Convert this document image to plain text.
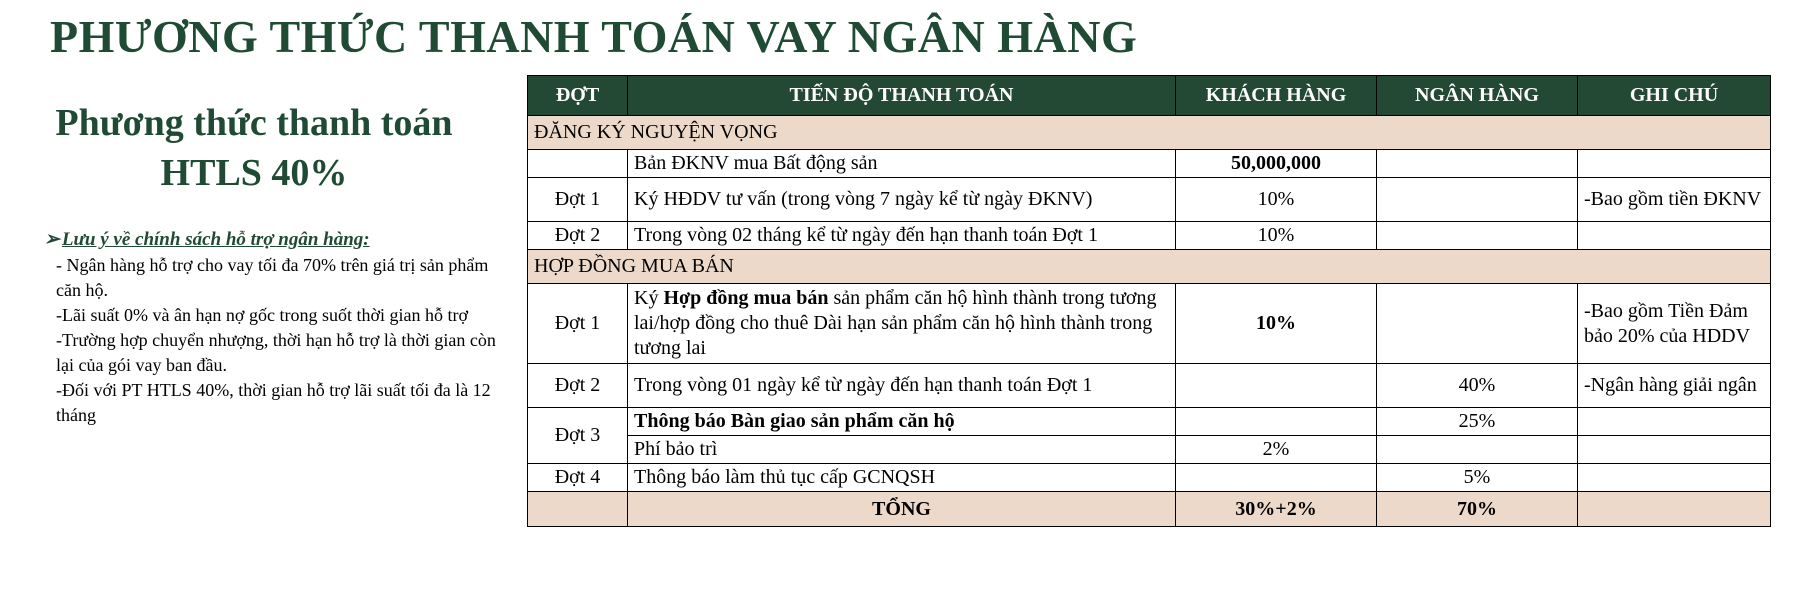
PHƯƠNG THỨC THANH TOÁN VAY NGÂN HÀNG
Phương thức thanh toán
HTLS 40%
➢ Lưu ý về chính sách hỗ trợ ngân hàng:
- Ngân hàng hỗ trợ cho vay tối đa 70% trên giá trị sản phẩm căn hộ.
-Lãi suất 0% và ân hạn nợ gốc trong suốt thời gian hỗ trợ
-Trường hợp chuyển nhượng, thời hạn hỗ trợ là thời gian còn lại của gói vay ban đầu.
-Đối với PT HTLS 40%, thời gian hỗ trợ lãi suất tối đa là 12 tháng
ĐỢT	TIẾN ĐỘ THANH TOÁN	KHÁCH HÀNG	NGÂN HÀNG	GHI CHÚ
ĐĂNG KÝ NGUYỆN VỌNG				
	Bản ĐKNV mua Bất động sản	50,000,000		
Đợt 1	Ký HĐDV tư vấn (trong vòng 7 ngày kể từ ngày ĐKNV)	10%		-Bao gồm tiền ĐKNV
Đợt 2	Trong vòng 02 tháng kể từ ngày đến hạn thanh toán Đợt 1	10%		
HỢP ĐỒNG MUA BÁN				
Đợt 1	Ký Hợp đồng mua bán sản phẩm căn hộ hình thành trong tương lai/hợp đồng cho thuê Dài hạn sản phẩm căn hộ hình thành trong tương lai	10%		-Bao gồm Tiền Đảm bảo 20% của HDDV
Đợt 2	Trong vòng 01 ngày kể từ ngày đến hạn thanh toán Đợt 1		40%	-Ngân hàng giải ngân
Đợt 3	Thông báo Bàn giao sản phẩm căn hộ		25%	
	Phí bảo trì	2%		
Đợt 4	Thông báo làm thủ tục cấp GCNQSH		5%	
	TỔNG	30%+2%	70%	
